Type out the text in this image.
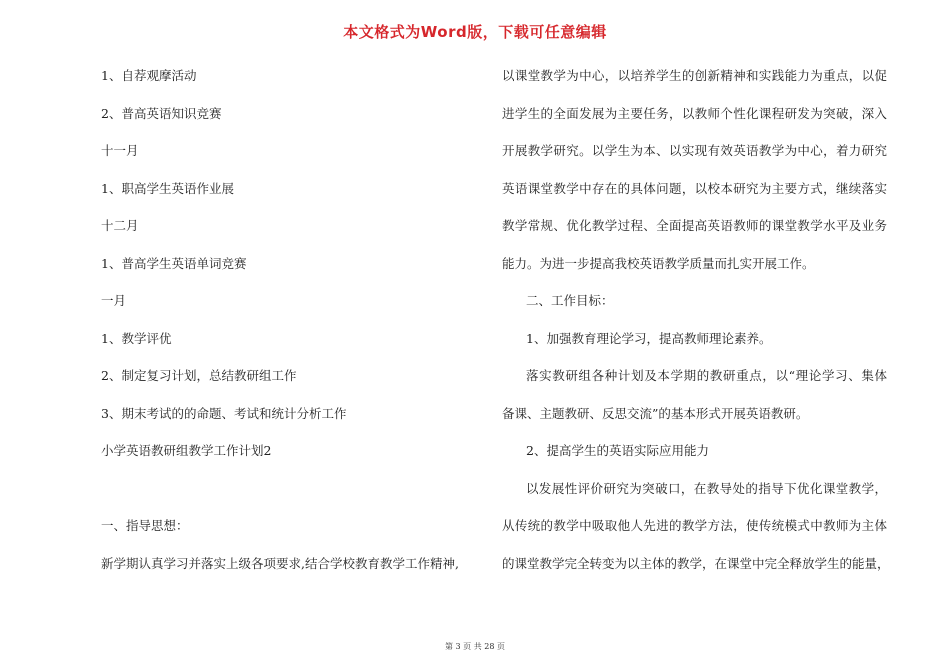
本文格式为Word版，下载可任意编辑
1、自荐观摩活动
2、普高英语知识竞赛
十一月
1、职高学生英语作业展
十二月
1、普高学生英语单词竞赛
一月
1、教学评优
2、制定复习计划，总结教研组工作
3、期末考试的的命题、考试和统计分析工作
小学英语教研组教学工作计划2
一、指导思想：
新学期认真学习并落实上级各项要求,结合学校教育教学工作精神,
以课堂教学为中心，以培养学生的创新精神和实践能力为重点，以促
进学生的全面发展为主要任务，以教师个性化课程研发为突破，深入
开展教学研究。以学生为本、以实现有效英语教学为中心，着力研究
英语课堂教学中存在的具体问题，以校本研究为主要方式，继续落实
教学常规、优化教学过程、全面提高英语教师的课堂教学水平及业务
能力。为进一步提高我校英语教学质量而扎实开展工作。
二、工作目标：
1、加强教育理论学习，提高教师理论素养。
落实教研组各种计划及本学期的教研重点，以“理论学习、集体
备课、主题教研、反思交流”的基本形式开展英语教研。
2、提高学生的英语实际应用能力
以发展性评价研究为突破口，在教导处的指导下优化课堂教学，
从传统的教学中吸取他人先进的教学方法，使传统模式中教师为主体
的课堂教学完全转变为以主体的教学，在课堂中完全释放学生的能量，
第 3 页 共 28 页
